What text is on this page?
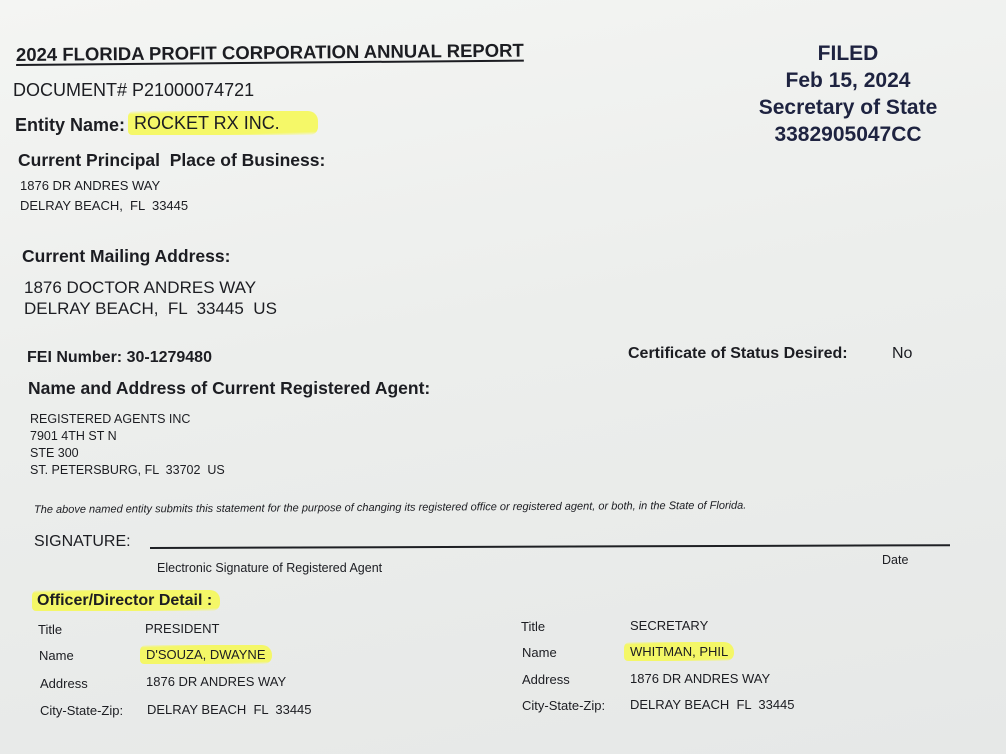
2024 FLORIDA PROFIT CORPORATION ANNUAL REPORT
DOCUMENT# P21000074721
Entity Name: ROCKET RX INC.
FILED
Feb 15, 2024
Secretary of State
3382905047CC
Current Principal  Place of Business:
1876 DR ANDRES WAY
DELRAY BEACH,  FL  33445
Current Mailing Address:
1876 DOCTOR ANDRES WAY
DELRAY BEACH,  FL  33445  US
FEI Number: 30-1279480	Certificate of Status Desired:	No
Name and Address of Current Registered Agent:
REGISTERED AGENTS INC
7901 4TH ST N
STE 300
ST. PETERSBURG, FL  33702  US
The above named entity submits this statement for the purpose of changing its registered office or registered agent, or both, in the State of Florida.
SIGNATURE:
Electronic Signature of Registered Agent
Date
Officer/Director Detail :
Title	PRESIDENT
Name	D'SOUZA, DWAYNE
Address	1876 DR ANDRES WAY
City-State-Zip: DELRAY BEACH  FL  33445
Title	SECRETARY
Name	WHITMAN, PHIL
Address	1876 DR ANDRES WAY
City-State-Zip: DELRAY BEACH  FL  33445
